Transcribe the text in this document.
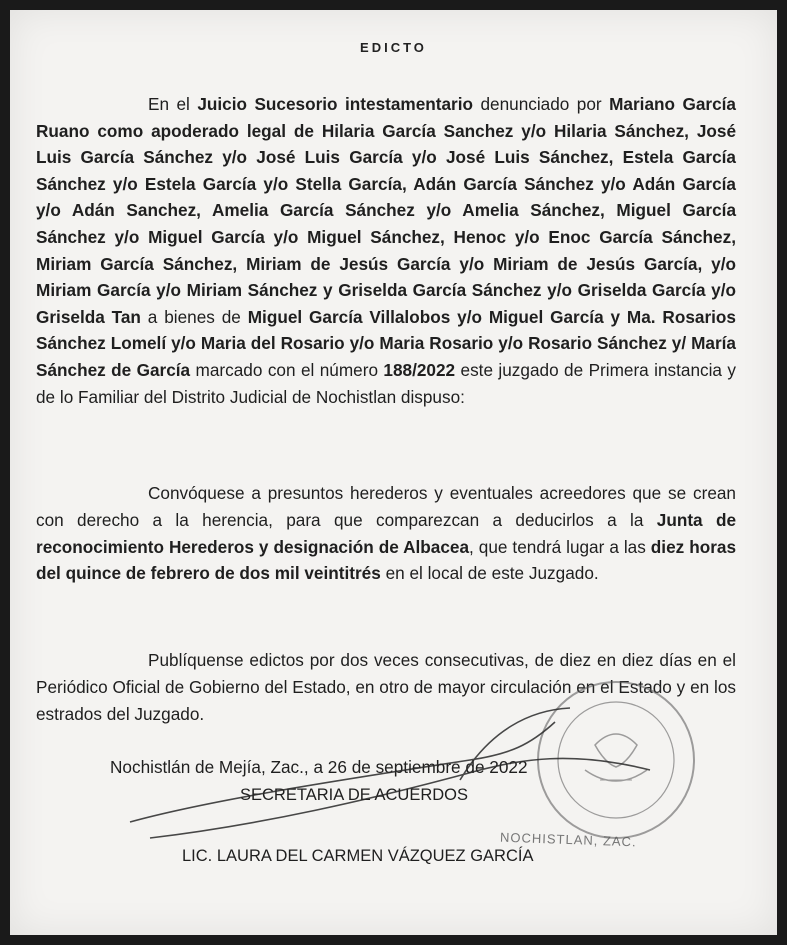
EDICTO
En el Juicio Sucesorio intestamentario denunciado por Mariano García Ruano como apoderado legal de Hilaria García Sanchez y/o Hilaria Sánchez, José Luis García Sánchez y/o José Luis García y/o José Luis Sánchez, Estela García Sánchez y/o Estela García y/o Stella García, Adán García Sánchez y/o Adán García y/o Adán Sanchez, Amelia García Sánchez y/o Amelia Sánchez, Miguel García Sánchez y/o Miguel García y/o Miguel Sánchez, Henoc y/o Enoc García Sánchez, Miriam García Sánchez, Miriam de Jesús García y/o Miriam de Jesús García, y/o Miriam García y/o Miriam Sánchez y Griselda García Sánchez y/o Griselda García y/o Griselda Tan a bienes de Miguel García Villalobos y/o Miguel García y Ma. Rosarios Sánchez Lomelí y/o Maria del Rosario y/o Maria Rosario y/o Rosario Sánchez y/ María Sánchez de García marcado con el número 188/2022 este juzgado de Primera instancia y de lo Familiar del Distrito Judicial de Nochistlan dispuso:
Convóquese a presuntos herederos y eventuales acreedores que se crean con derecho a la herencia, para que comparezcan a deducirlos a la Junta de reconocimiento Herederos y designación de Albacea, que tendrá lugar a las diez horas del quince de febrero de dos mil veintitrés en el local de este Juzgado.
Publíquense edictos por dos veces consecutivas, de diez en diez días en el Periódico Oficial de Gobierno del Estado, en otro de mayor circulación en el Estado y en los estrados del Juzgado.
Nochistlán de Mejía, Zac., a 26 de septiembre de 2022
SECRETARIA DE ACUERDOS
NOCHISTLAN, ZAC.
LIC. LAURA DEL CARMEN VÁZQUEZ GARCÍA
